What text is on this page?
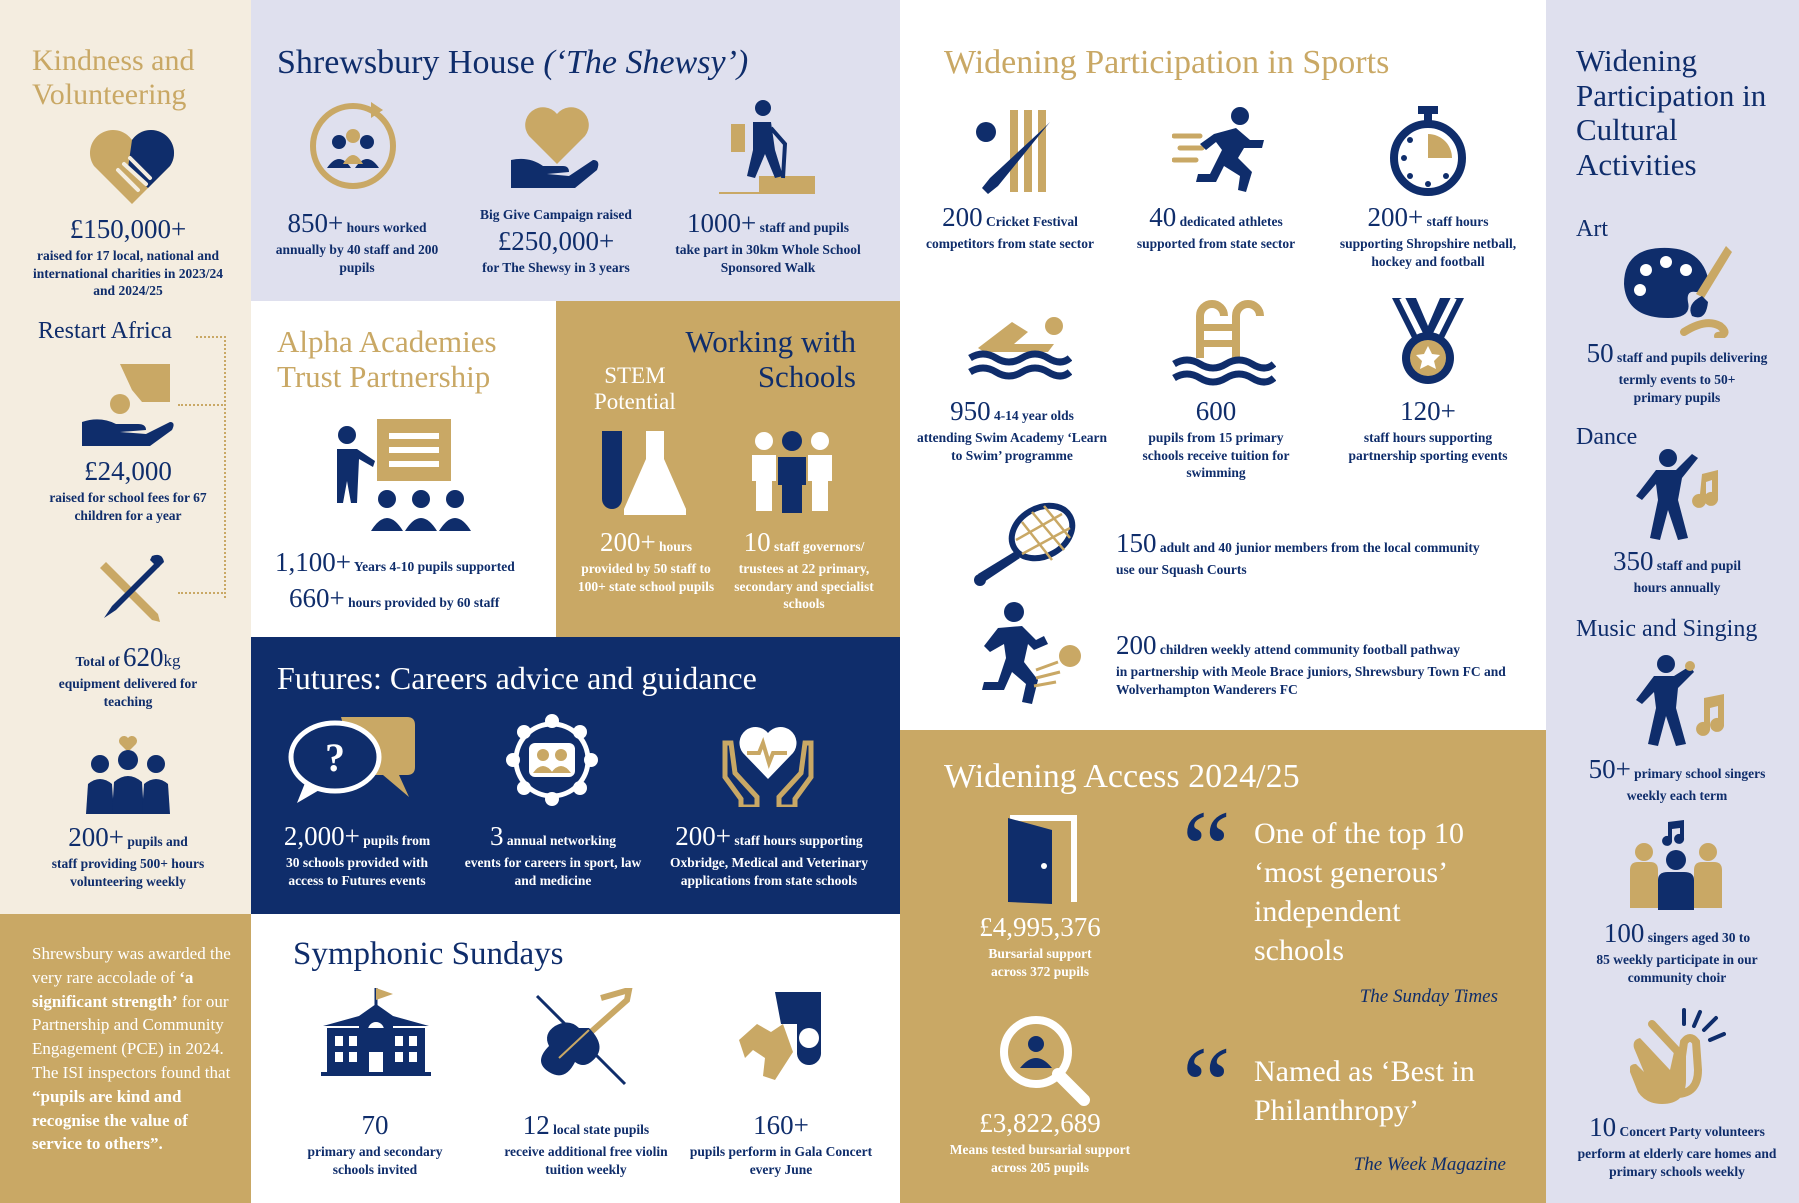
Kindness and Volunteering
£150,000+
raised for 17 local, national and international charities in 2023/24 and 2024/25
Restart Africa
£24,000
raised for school fees for 67 children for a year
Total of 620kg
equipment delivered for teaching
200+ pupils and
staff providing 500+ hours volunteering weekly

Shrewsbury was awarded the very rare accolade of ‘a significant strength’ for our Partnership and Community Engagement (PCE) in 2024. The ISI inspectors found that “pupils are kind and recognise the value of service to others”.

Shrewsbury House (‘The Shewsy’)
850+ hours worked
annually by 40 staff and 200 pupils
Big Give Campaign raised
£250,000+
for The Shewsy in 3 years
1000+ staff and pupils
take part in 30km Whole School Sponsored Walk
Alpha Academies
Trust Partnership
1,100+ Years 4-10 pupils supported
660+ hours provided by 60 staff
Working with
Schools
STEM
Potential
200+ hours
provided by 50 staff to 100+ state school pupils
10 staff governors/
trustees at 22 primary, secondary and specialist schools
Futures: Careers advice and guidance
?
2,000+ pupils from
30 schools provided with access to Futures events
3 annual networking
events for careers in sport, law and medicine
200+ staff hours supporting
Oxbridge, Medical and Veterinary applications from state schools
Symphonic Sundays
70
primary and secondary schools invited
12 local state pupils
receive additional free violin tuition weekly
160+
pupils perform in Gala Concert every June
Widening Participation in Sports
200 Cricket Festival
competitors from state sector
40 dedicated athletes
supported from state sector
200+ staff hours
supporting Shropshire netball, hockey and football
950 4-14 year olds
attending Swim Academy ‘Learn to Swim’ programme
600
pupils from 15 primary schools receive tuition for swimming
120+
staff hours supporting partnership sporting events
150 adult and 40 junior members from the local community
use our Squash Courts
200 children weekly attend community football pathway
in partnership with Meole Brace juniors, Shrewsbury Town FC and Wolverhampton Wanderers FC
Widening Access 2024/25
£4,995,376
Bursarial support across 372 pupils
£3,822,689
Means tested bursarial support across 205 pupils
“ One of the top 10 ‘most generous’ independent schools
The Sunday Times
“ Named as ‘Best in Philanthropy’
The Week Magazine
Widening Participation in Cultural Activities
Art
50 staff and pupils delivering
termly events to 50+ primary pupils
Dance
350 staff and pupil
hours annually
Music and Singing
50+ primary school singers
weekly each term
100 singers aged 30 to
85 weekly participate in our community choir
10 Concert Party volunteers
perform at elderly care homes and primary schools weekly
